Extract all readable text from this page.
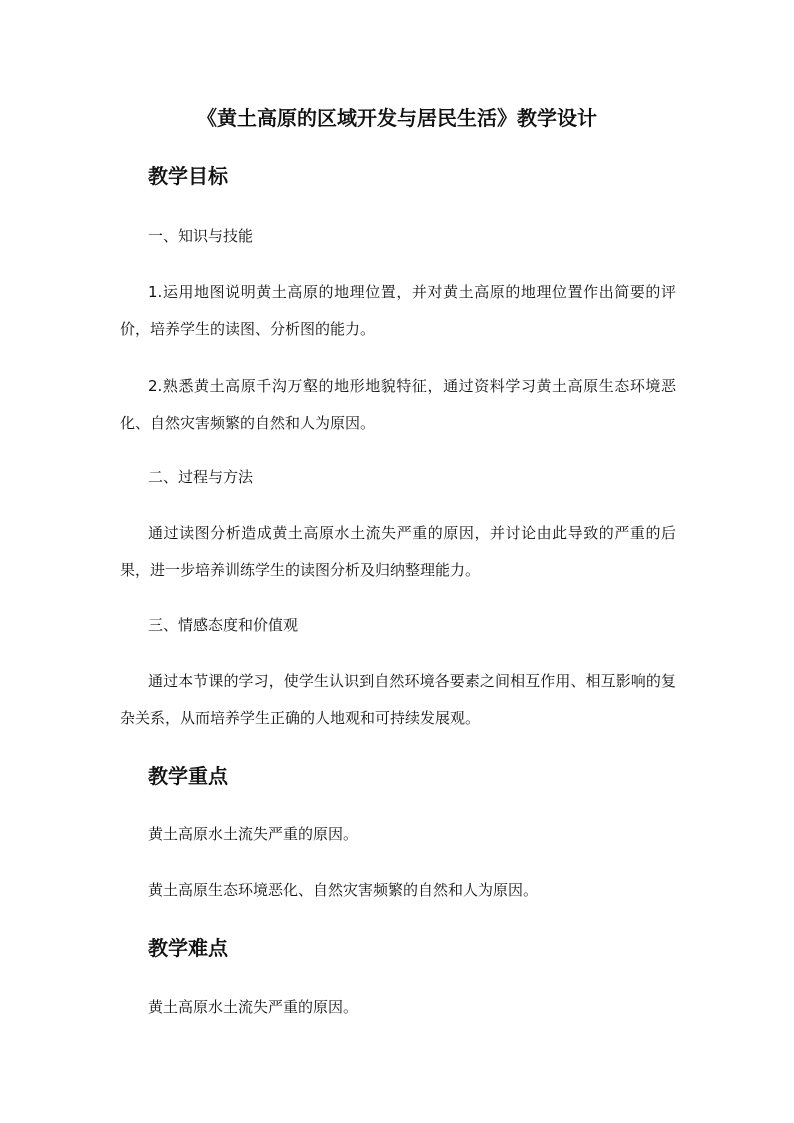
《黄土高原的区域开发与居民生活》教学设计
教学目标
一、知识与技能
1.运用地图说明黄土高原的地理位置，并对黄土高原的地理位置作出简要的评价，培养学生的读图、分析图的能力。
2.熟悉黄土高原千沟万壑的地形地貌特征，通过资料学习黄土高原生态环境恶化、自然灾害频繁的自然和人为原因。
二、过程与方法
通过读图分析造成黄土高原水土流失严重的原因，并讨论由此导致的严重的后果，进一步培养训练学生的读图分析及归纳整理能力。
三、情感态度和价值观
通过本节课的学习，使学生认识到自然环境各要素之间相互作用、相互影响的复杂关系，从而培养学生正确的人地观和可持续发展观。
教学重点
黄土高原水土流失严重的原因。
黄土高原生态环境恶化、自然灾害频繁的自然和人为原因。
教学难点
黄土高原水土流失严重的原因。
